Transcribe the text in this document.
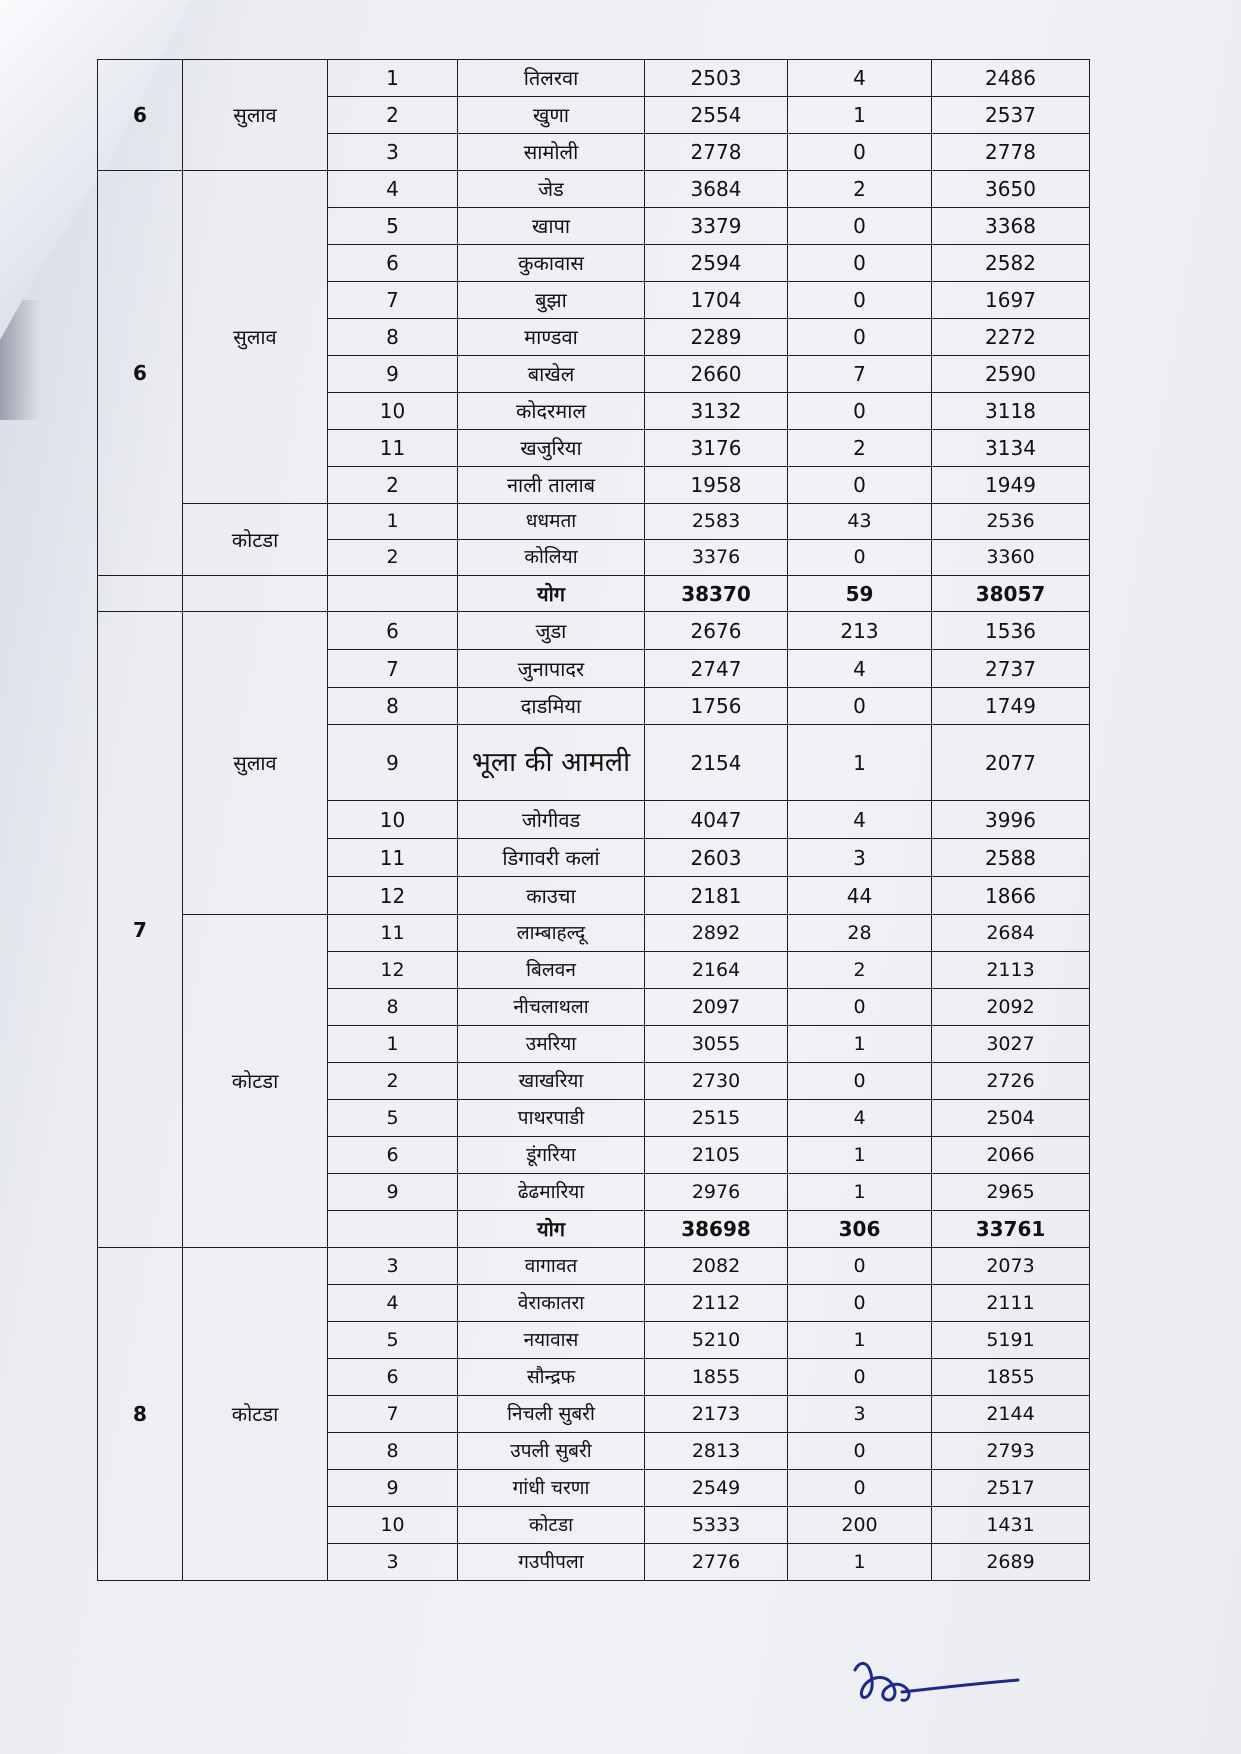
6	सुलाव	1	तिलरवा	2503	4	2486
		2	खुणा	2554	1	2537
		3	सामोली	2778	0	2778
6	सुलाव	4	जेड	3684	2	3650
		5	खापा	3379	0	3368
		6	कुकावास	2594	0	2582
		7	बुझा	1704	0	1697
		8	माण्डवा	2289	0	2272
		9	बाखेल	2660	7	2590
		10	कोदरमाल	3132	0	3118
		11	खजुरिया	3176	2	3134
		2	नाली तालाब	1958	0	1949
	कोटडा	1	धधमता	2583	43	2536
		2	कोलिया	3376	0	3360
			योग	38370	59	38057
7	सुलाव	6	जुडा	2676	213	1536
		7	जुनापादर	2747	4	2737
		8	दाडमिया	1756	0	1749
		9	भूला की आमली	2154	1	2077
		10	जोगीवड	4047	4	3996
		11	डिगावरी कलां	2603	3	2588
		12	काउचा	2181	44	1866
	कोटडा	11	लाम्बाहल्दू	2892	28	2684
		12	बिलवन	2164	2	2113
		8	नीचलाथला	2097	0	2092
		1	उमरिया	3055	1	3027
		2	खाखरिया	2730	0	2726
		5	पाथरपाडी	2515	4	2504
		6	डूंगरिया	2105	1	2066
		9	ढेढमारिया	2976	1	2965
			योग	38698	306	33761
8	कोटडा	3	वागावत	2082	0	2073
		4	वेराकातरा	2112	0	2111
		5	नयावास	5210	1	5191
		6	सौन्द्रफ	1855	0	1855
		7	निचली सुबरी	2173	3	2144
		8	उपली सुबरी	2813	0	2793
		9	गांधी चरणा	2549	0	2517
		10	कोटडा	5333	200	1431
		3	गउपीपला	2776	1	2689
